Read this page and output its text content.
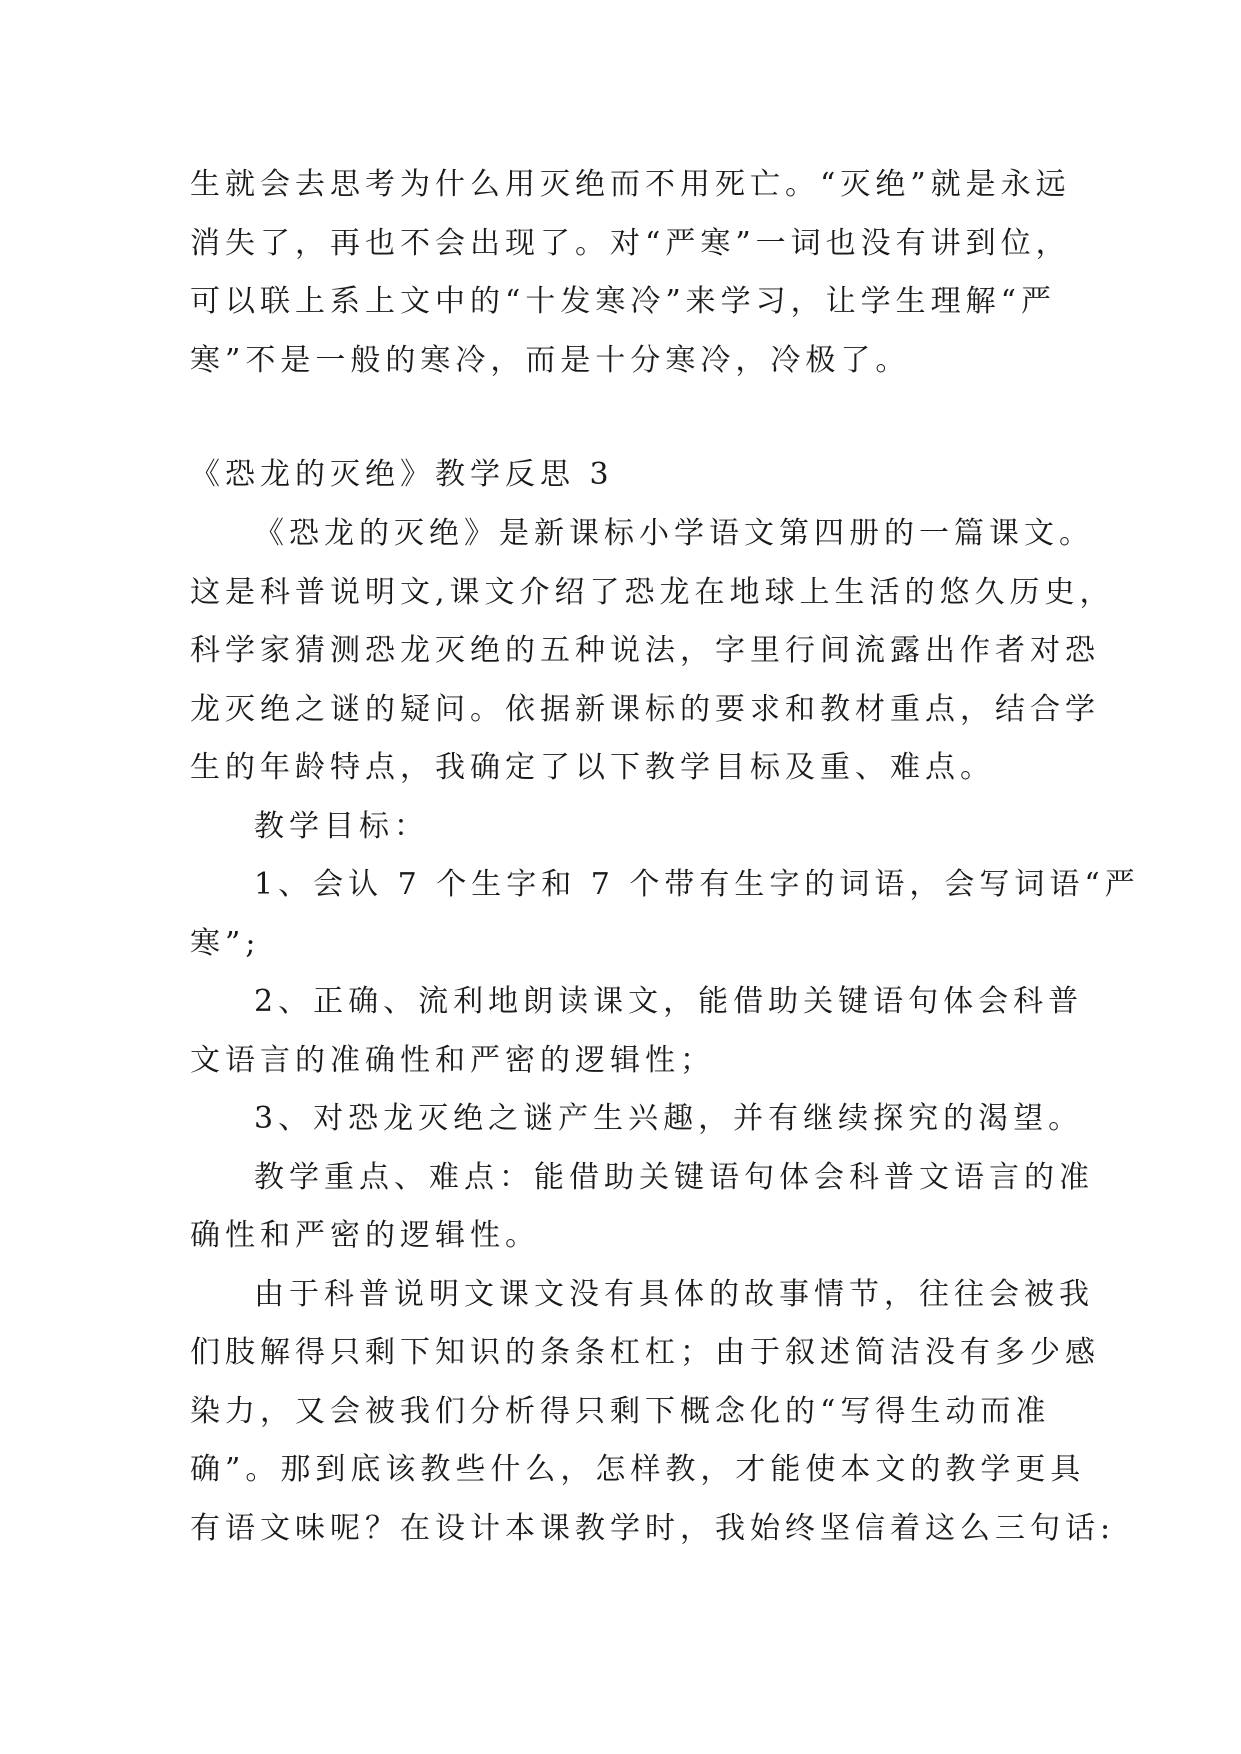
生就会去思考为什么用灭绝而不用死亡。“灭绝”就是永远
消失了，再也不会出现了。对“严寒”一词也没有讲到位，
可以联上系上文中的“十发寒冷”来学习，让学生理解“严
寒”不是一般的寒冷，而是十分寒冷，冷极了。
《恐龙的灭绝》教学反思 3
《恐龙的灭绝》是新课标小学语文第四册的一篇课文。
这是科普说明文,课文介绍了恐龙在地球上生活的悠久历史，
科学家猜测恐龙灭绝的五种说法，字里行间流露出作者对恐
龙灭绝之谜的疑问。依据新课标的要求和教材重点，结合学
生的年龄特点，我确定了以下教学目标及重、难点。
教学目标：
1、会认 7 个生字和 7 个带有生字的词语，会写词语“严
寒”;
2、正确、流利地朗读课文，能借助关键语句体会科普
文语言的准确性和严密的逻辑性；
3、对恐龙灭绝之谜产生兴趣，并有继续探究的渴望。
教学重点、难点：能借助关键语句体会科普文语言的准
确性和严密的逻辑性。
由于科普说明文课文没有具体的故事情节，往往会被我
们肢解得只剩下知识的条条杠杠；由于叙述简洁没有多少感
染力，又会被我们分析得只剩下概念化的“写得生动而准
确”。那到底该教些什么，怎样教，才能使本文的教学更具
有语文味呢？在设计本课教学时，我始终坚信着这么三句话:
